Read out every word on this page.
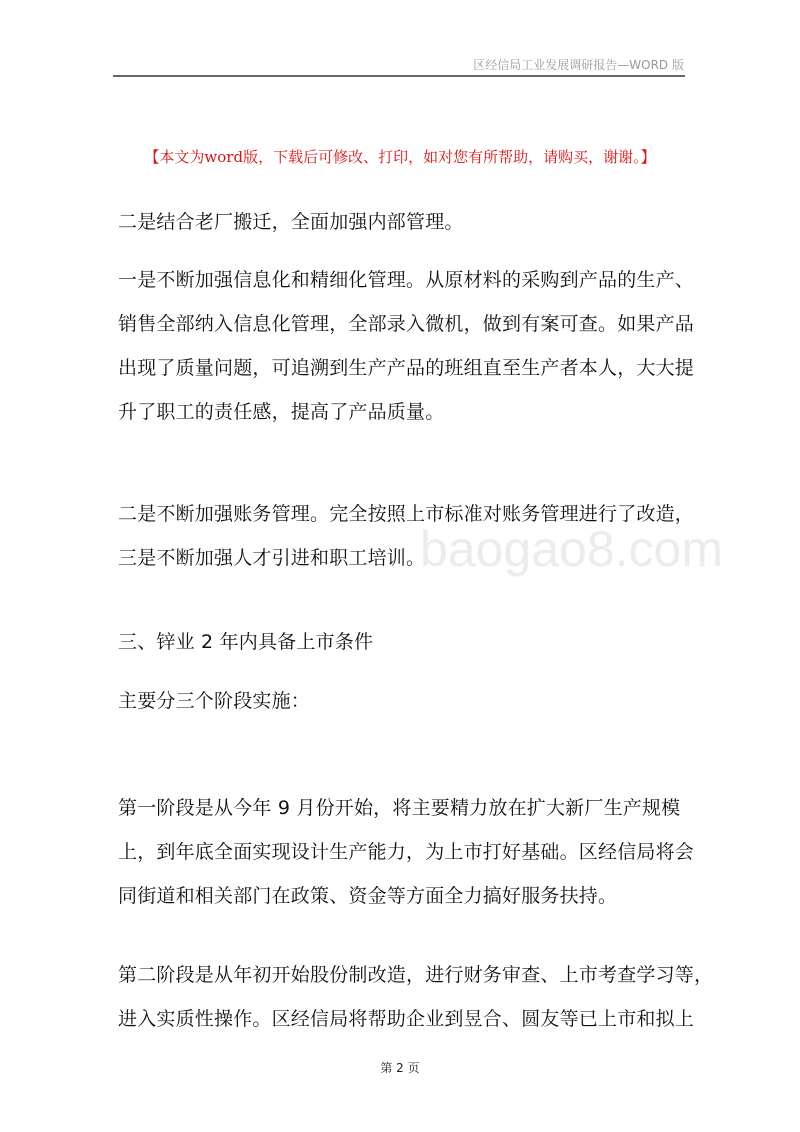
区经信局工业发展调研报告—WORD 版
【本文为word版，下载后可修改、打印，如对您有所帮助，请购买，谢谢。】
baogao8.com
二是结合老厂搬迁，全面加强内部管理。
一是不断加强信息化和精细化管理。从原材料的采购到产品的生产、
销售全部纳入信息化管理，全部录入微机，做到有案可查。如果产品
出现了质量问题，可追溯到生产产品的班组直至生产者本人，大大提
升了职工的责任感，提高了产品质量。
二是不断加强账务管理。完全按照上市标准对账务管理进行了改造，
三是不断加强人才引进和职工培训。
三、锌业 2 年内具备上市条件
主要分三个阶段实施：
第一阶段是从今年 9 月份开始，将主要精力放在扩大新厂生产规模
上，到年底全面实现设计生产能力，为上市打好基础。区经信局将会
同街道和相关部门在政策、资金等方面全力搞好服务扶持。
第二阶段是从年初开始股份制改造，进行财务审查、上市考查学习等，
进入实质性操作。区经信局将帮助企业到昱合、圆友等已上市和拟上
第 2 页
